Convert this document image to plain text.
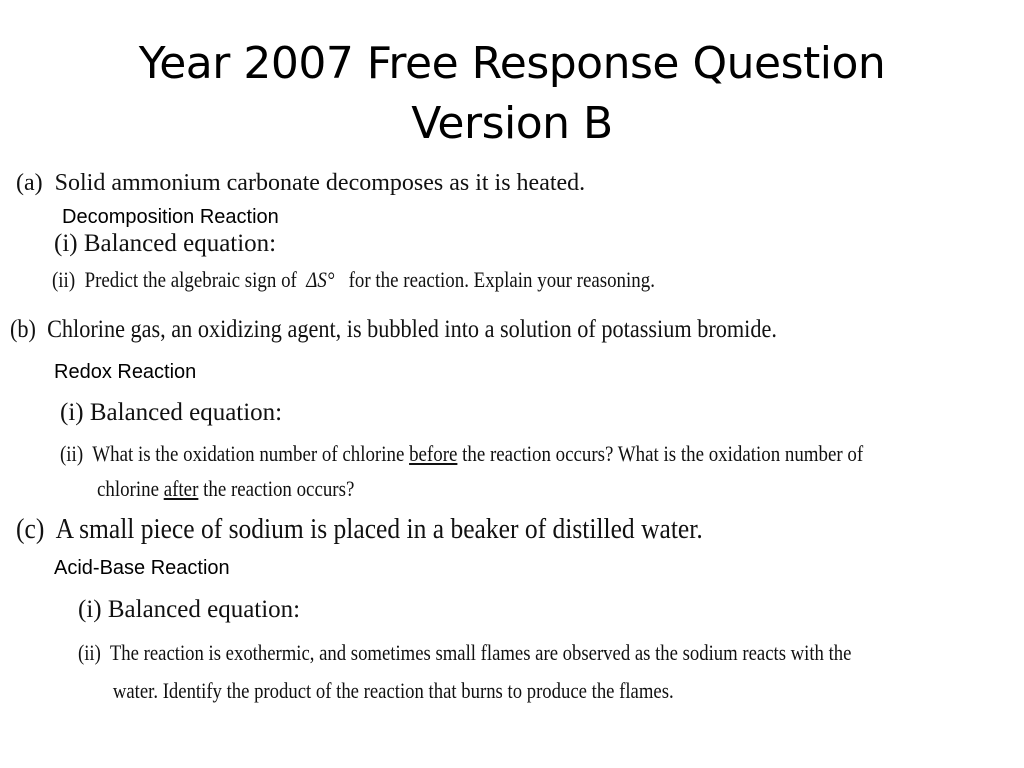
Year 2007 Free Response Question
Version B
(a) Solid ammonium carbonate decomposes as it is heated.
Decomposition Reaction
(i) Balanced equation:
(ii) Predict the algebraic sign of ΔS° for the reaction. Explain your reasoning.
(b) Chlorine gas, an oxidizing agent, is bubbled into a solution of potassium bromide.
Redox Reaction
(i) Balanced equation:
(ii) What is the oxidation number of chlorine before the reaction occurs? What is the oxidation number of
chlorine after the reaction occurs?
(c) A small piece of sodium is placed in a beaker of distilled water.
Acid-Base Reaction
(i) Balanced equation:
(ii) The reaction is exothermic, and sometimes small flames are observed as the sodium reacts with the
water. Identify the product of the reaction that burns to produce the flames.
